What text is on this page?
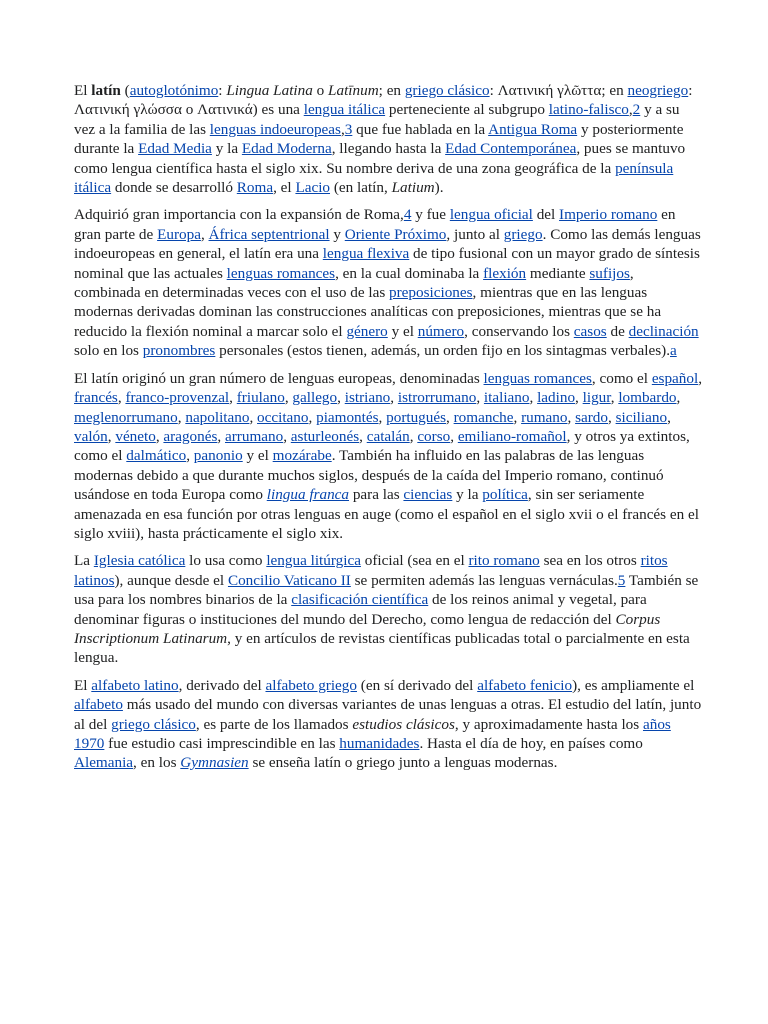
El latín (autoglotónimo: Lingua Latina o Latīnum; en griego clásico: Λατινική γλῶττα; en neogriego: Λατινική γλώσσα o Λατινικά) es una lengua itálica perteneciente al subgrupo latino-falisco,2 y a su vez a la familia de las lenguas indoeuropeas,3 que fue hablada en la Antigua Roma y posteriormente durante la Edad Media y la Edad Moderna, llegando hasta la Edad Contemporánea, pues se mantuvo como lengua científica hasta el siglo xix. Su nombre deriva de una zona geográfica de la península itálica donde se desarrolló Roma, el Lacio (en latín, Latium).

Adquirió gran importancia con la expansión de Roma,4 y fue lengua oficial del Imperio romano en gran parte de Europa, África septentrional y Oriente Próximo, junto al griego. Como las demás lenguas indoeuropeas en general, el latín era una lengua flexiva de tipo fusional con un mayor grado de síntesis nominal que las actuales lenguas romances, en la cual dominaba la flexión mediante sufijos, combinada en determinadas veces con el uso de las preposiciones, mientras que en las lenguas modernas derivadas dominan las construcciones analíticas con preposiciones, mientras que se ha reducido la flexión nominal a marcar solo el género y el número, conservando los casos de declinación solo en los pronombres personales (estos tienen, además, un orden fijo en los sintagmas verbales).a

El latín originó un gran número de lenguas europeas, denominadas lenguas romances, como el español, francés, franco-provenzal, friulano, gallego, istriano, istrorrumano, italiano, ladino, ligur, lombardo, meglenorrumano, napolitano, occitano, piamontés, portugués, romanche, rumano, sardo, siciliano, valón, véneto, aragonés, arrumano, asturleonés, catalán, corso, emiliano-romañol, y otros ya extintos, como el dalmático, panonio y el mozárabe. También ha influido en las palabras de las lenguas modernas debido a que durante muchos siglos, después de la caída del Imperio romano, continuó usándose en toda Europa como lingua franca para las ciencias y la política, sin ser seriamente amenazada en esa función por otras lenguas en auge (como el español en el siglo xvii o el francés en el siglo xviii), hasta prácticamente el siglo xix.

La Iglesia católica lo usa como lengua litúrgica oficial (sea en el rito romano sea en los otros ritos latinos), aunque desde el Concilio Vaticano II se permiten además las lenguas vernáculas.5 También se usa para los nombres binarios de la clasificación científica de los reinos animal y vegetal, para denominar figuras o instituciones del mundo del Derecho, como lengua de redacción del Corpus Inscriptionum Latinarum, y en artículos de revistas científicas publicadas total o parcialmente en esta lengua.

El alfabeto latino, derivado del alfabeto griego (en sí derivado del alfabeto fenicio), es ampliamente el alfabeto más usado del mundo con diversas variantes de unas lenguas a otras. El estudio del latín, junto al del griego clásico, es parte de los llamados estudios clásicos, y aproximadamente hasta los años 1970 fue estudio casi imprescindible en las humanidades. Hasta el día de hoy, en países como Alemania, en los Gymnasien se enseña latín o griego junto a lenguas modernas.
